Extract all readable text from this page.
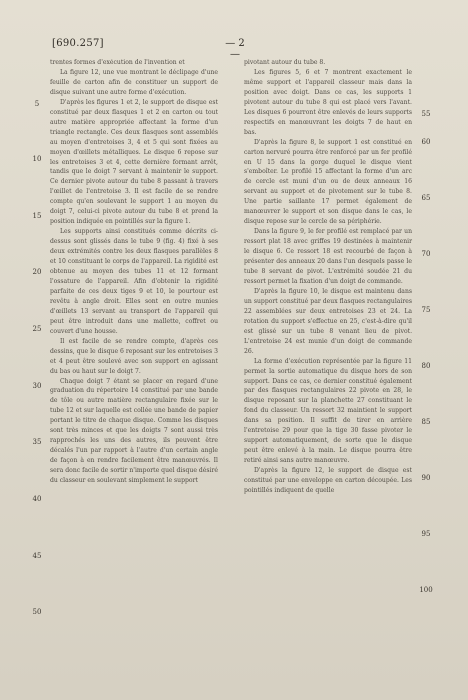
[690.257]	— 2 —
5
10
15
20
25
30
35
40
45
50
55
60
65
70
75
80
85
90
95
100

trentes formes d'exécution de l'invention et

La figure 12, une vue montrant le déclipage d'une feuille de carton afin de constituer un support de disque suivant une autre forme d'exécution.

D'après les figures 1 et 2, le support de disque est constitué par deux flasques 1 et 2 en carton ou tout autre matière appropriée affectant la forme d'un triangle rectangle. Ces deux flasques sont assemblés au moyen d'entretoises 3, 4 et 5 qui sont fixées au moyen d'œillets métalliques. Le disque 6 repose sur les entretoises 3 et 4, cette dernière formant arrêt, tandis que le doigt 7 servant à maintenir le support. Ce dernier pivote autour du tube 8 passant à travers l'œillet de l'entretoise 3. Il est facile de se rendre compte qu'en soulevant le support 1 au moyen du doigt 7, celui-ci pivote autour du tube 8 et prend la position indiquée en pointillés sur la figure 1.

Les supports ainsi constitués comme décrits ci-dessus sont glissés dans le tube 9 (fig. 4) fixé à ses deux extrémités contre les deux flasques parallèles 8 et 10 constituant le corps de l'appareil. La rigidité est obtenue au moyen des tubes 11 et 12 formant l'ossature de l'appareil. Afin d'obtenir la rigidité parfaite de ces deux tiges 9 et 10, le pourtour est revêtu à angle droit. Elles sont en outre munies d'œillets 13 servant au transport de l'appareil qui peut être introduit dans une mallette, coffret ou couvert d'une housse.

Il est facile de se rendre compte, d'après ces dessins, que le disque 6 reposant sur les entretoises 3 et 4 peut être soulevé avec son support en agissant du bas ou haut sur le doigt 7.

Chaque doigt 7 étant se placer en regard d'une graduation du répertoire 14 constitué par une bande de tôle ou autre matière rectangulaire fixée sur le tube 12 et sur laquelle est collée une bande de papier portant le titre de chaque disque. Comme les disques sont très minces et que les doigts 7 sont aussi très rapprochés les uns des autres, ils peuvent être décalés l'un par rapport à l'autre d'un certain angle de façon à en rendre facilement être manœuvrés. Il sera donc facile de sortir n'importe quel disque désiré du classeur en soulevant simplement le support

pivotant autour du tube 8.

Les figures 5, 6 et 7 montrent exactement le même support et l'appareil classeur mais dans la position avec doigt. Dans ce cas, les supports 1 pivotent autour du tube 8 qui est placé vers l'avant. Les disques 6 pourront être enlevés de leurs supports respectifs en manœuvrant les doigts 7 de haut en bas.

D'après la figure 8, le support 1 est constitué en carton nervuré pourra être renforcé par un fer profilé en U 15 dans la gorge duquel le disque vient s'emboîter. Le profilé 15 affectant la forme d'un arc de cercle est muni d'un ou de deux anneaux 16 servant au support et de pivotement sur le tube 8. Une partie saillante 17 permet également de manœuvrer le support et son disque dans le cas, le disque repose sur le cercle de sa périphérie.

Dans la figure 9, le fer profilé est remplacé par un ressort plat 18 avec griffes 19 destinées à maintenir le disque 6. Ce ressort 18 est recourbé de façon à présenter des anneaux 20 dans l'un desquels passe le tube 8 servant de pivot. L'extrémité soudée 21 du ressort permet la fixation d'un doigt de commande.

D'après la figure 10, le disque est maintenu dans un support constitué par deux flasques rectangulaires 22 assemblées sur deux entretoises 23 et 24. La rotation du support s'effectue en 25, c'est-à-dire qu'il est glissé sur un tube 8 venant lieu de pivot. L'entretoise 24 est munie d'un doigt de commande 26.

La forme d'exécution représentée par la figure 11 permet la sortie automatique du disque hors de son support. Dans ce cas, ce dernier constitué également par des flasques rectangulaires 22 pivote en 28, le disque reposant sur la planchette 27 constituant le fond du classeur. Un ressort 32 maintient le support dans sa position. Il suffit de tirer en arrière l'entretoise 29 pour que la tige 30 fasse pivoter le support automatiquement, de sorte que le disque peut être enlevé à la main. Le disque pourra être retiré ainsi sans autre manœuvre.

D'après la figure 12, le support de disque est constitué par une enveloppe en carton découpée. Les pointillés indiquent de quelle
